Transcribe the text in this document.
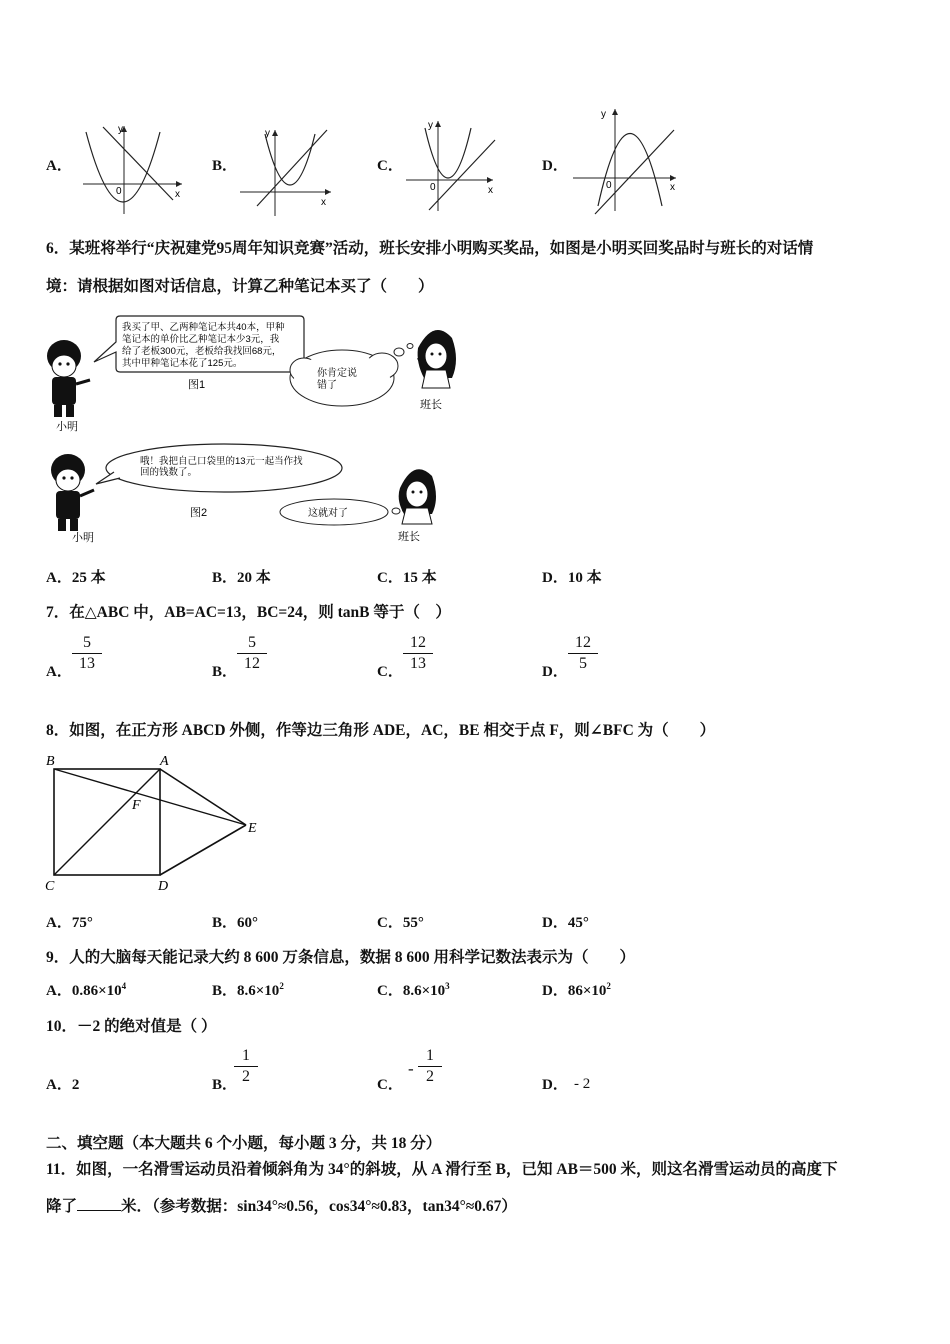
A．
x
y
0
B．
x
y
C．
x
y
0
D．
x
y
0
6．某班将举行“庆祝建党95周年知识竞赛”活动，班长安排小明购买奖品，如图是小明买回奖品时与班长的对话情
境：请根据如图对话信息，计算乙种笔记本买了（　　）
我买了甲、乙两种笔记本共40本，甲种
笔记本的单价比乙种笔记本少3元，我
给了老板300元，老板给我找回68元，
其中甲种笔记本花了125元。
图1
你肯定说
错了
小明
班长
哦！我把自己口袋里的13元一起当作找
回的钱数了。
图2	这就对了
小明	班长
A．25 本	B．20 本	C．15 本	D．10 本
7．在△ABC 中，AB=AC=13，BC=24，则 tanB 等于（　）
A． $\frac{5}{13}$	B． $\frac{5}{12}$	C． $\frac{12}{13}$	D． $\frac{12}{5}$
8．如图，在正方形 ABCD 外侧，作等边三角形 ADE，AC，BE 相交于点 F，则∠BFC 为（　　）
B	A
F
E
C	D
A．75°	B．60°	C．55°	D．45°
9．人的大脑每天能记录大约 8 600 万条信息，数据 8 600 用科学记数法表示为（　　）
A．$0.86\times 10^4$	B．$8.6\times 10^2$	C．$8.6\times 10^3$	D．$86\times 10^2$
10．－2 的绝对值是（ ）
A．2	B．
$\frac{1}{2}$	C．
- $\frac{1}{2}$	D． - 2
二、填空题（本大题共 6 个小题，每小题 3 分，共 18 分）
11．如图，一名滑雪运动员沿着倾斜角为 34°的斜坡，从 A 滑行至 B，已知 AB＝500 米，则这名滑雪运动员的高度下
降了	米．（参考数据：sin34°≈0.56，cos34°≈0.83，tan34°≈0.67）
